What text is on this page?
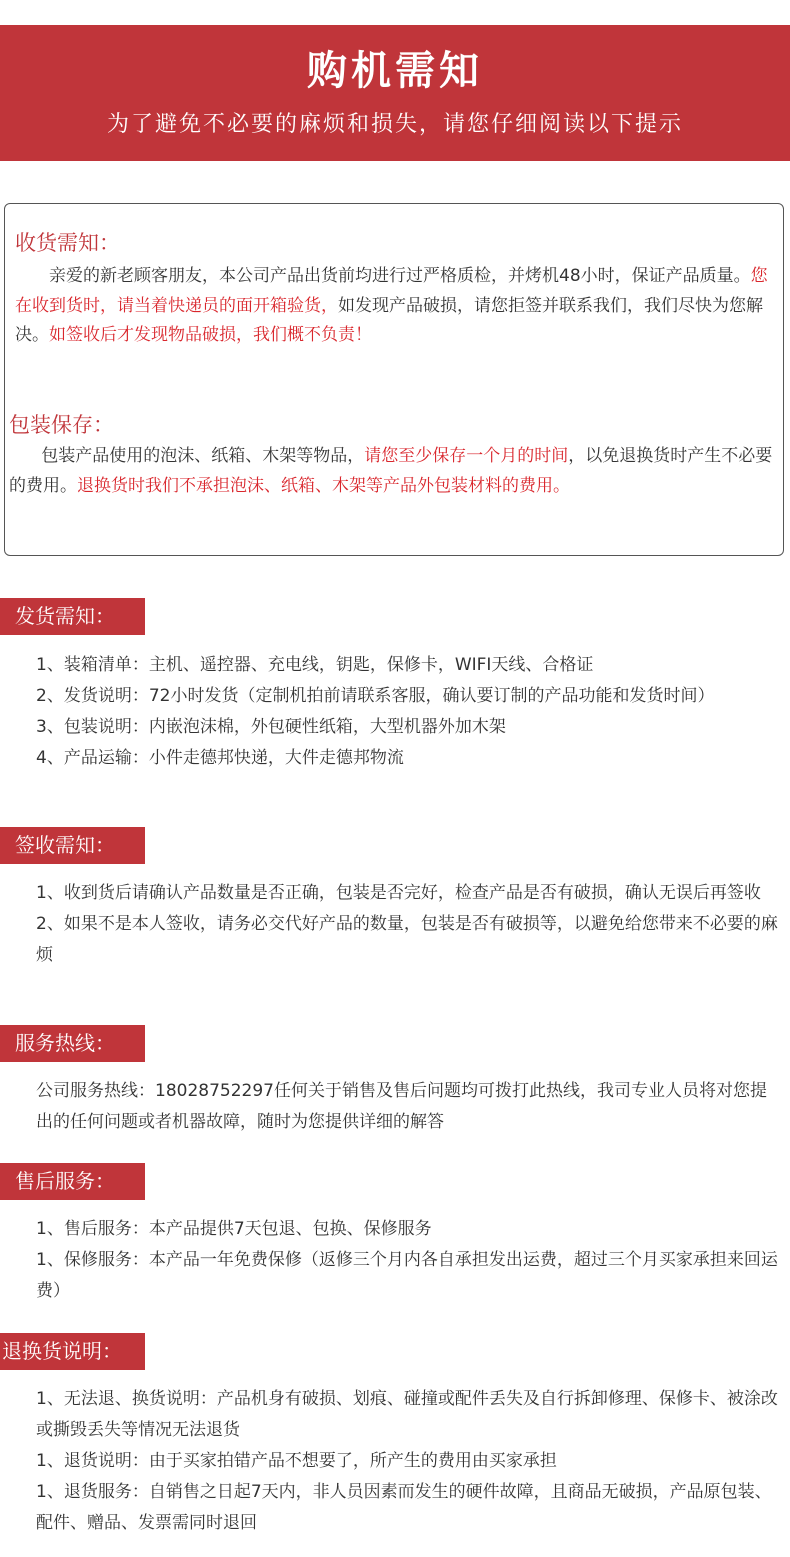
购机需知
为了避免不必要的麻烦和损失，请您仔细阅读以下提示
收货需知：
亲爱的新老顾客朋友，本公司产品出货前均进行过严格质检，并烤机48小时，保证产品质量。您在收到货时，请当着快递员的面开箱验货，如发现产品破损，请您拒签并联系我们，我们尽快为您解决。如签收后才发现物品破损，我们概不负责！
包装保存：
包装产品使用的泡沫、纸箱、木架等物品，请您至少保存一个月的时间，以免退换货时产生不必要的费用。退换货时我们不承担泡沫、纸箱、木架等产品外包装材料的费用。
发货需知：

1、装箱清单：主机、遥控器、充电线，钥匙，保修卡，WIFI天线、合格证

2、发货说明：72小时发货（定制机拍前请联系客服，确认要订制的产品功能和发货时间）

3、包装说明：内嵌泡沫棉，外包硬性纸箱，大型机器外加木架

4、产品运输：小件走德邦快递，大件走德邦物流

签收需知：

1、收到货后请确认产品数量是否正确，包装是否完好，检查产品是否有破损，确认无误后再签收

2、如果不是本人签收，请务必交代好产品的数量，包装是否有破损等，以避免给您带来不必要的麻烦

服务热线：

公司服务热线：18028752297任何关于销售及售后问题均可拨打此热线，我司专业人员将对您提出的任何问题或者机器故障，随时为您提供详细的解答

售后服务：

1、售后服务：本产品提供7天包退、包换、保修服务

1、保修服务：本产品一年免费保修（返修三个月内各自承担发出运费，超过三个月买家承担来回运费）

退换货说明：

1、无法退、换货说明：产品机身有破损、划痕、碰撞或配件丢失及自行拆卸修理、保修卡、被涂改或撕毁丢失等情况无法退货

1、退货说明：由于买家拍错产品不想要了，所产生的费用由买家承担

1、退货服务：自销售之日起7天内，非人员因素而发生的硬件故障，且商品无破损，产品原包装、配件、赠品、发票需同时退回
